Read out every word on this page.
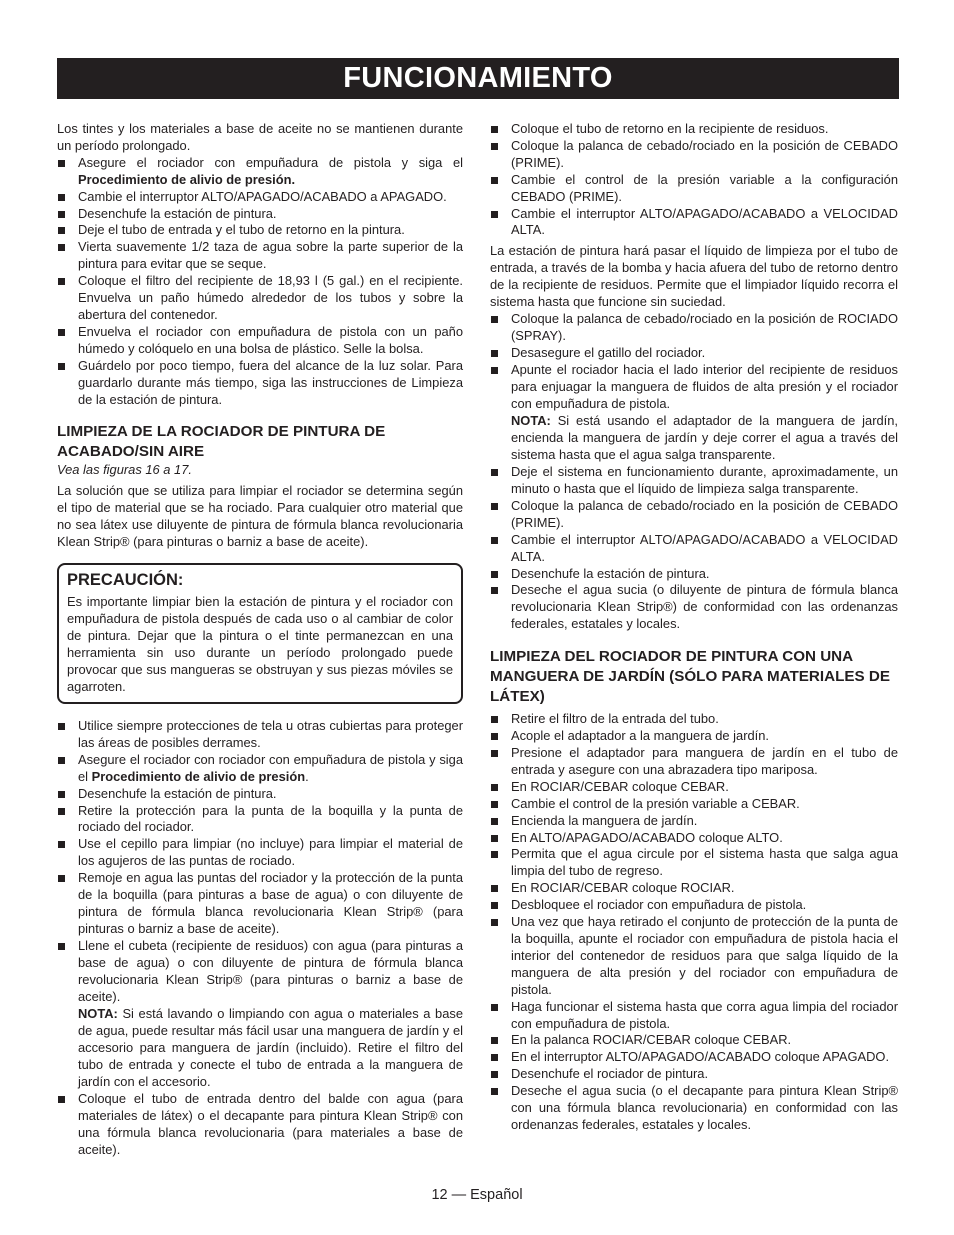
FUNCIONAMIENTO

Los tintes y los materiales a base de aceite no se mantienen durante un período prolongado.

Asegure el rociador con empuñadura de pistola y siga el Procedimiento de alivio de presión.
Cambie el interruptor ALTO/APAGADO/ACABADO a APAGADO.
Desenchufe la estación de pintura.
Deje el tubo de entrada y el tubo de retorno en la pintura.
Vierta suavemente 1/2 taza de agua sobre la parte superior de la pintura para evitar que se seque.
Coloque el filtro del recipiente de 18,93 l (5 gal.) en el recipiente. Envuelva un paño húmedo alrededor de los tubos y sobre la abertura del contenedor.
Envuelva el rociador con empuñadura de pistola con un paño húmedo y colóquelo en una bolsa de plástico. Selle la bolsa.
Guárdelo por poco tiempo, fuera del alcance de la luz solar. Para guardarlo durante más tiempo, siga las instrucciones de Limpieza de la estación de pintura.
LIMPIEZA DE LA ROCIADOR DE PINTURA DE ACABADO/SIN AIRE
Vea las figuras 16 a 17.

La solución que se utiliza para limpiar el rociador se determina según el tipo de material que se ha rociado. Para cualquier otro material que no sea látex use diluyente de pintura de fórmula blanca revolucionaria Klean Strip® (para pinturas o barniz a base de aceite).

PRECAUCIÓN:

Es importante limpiar bien la estación de pintura y el rociador con empuñadura de pistola después de cada uso o al cambiar de color de pintura. Dejar que la pintura o el tinte permanezcan en una herramienta sin uso durante un período prolongado puede provocar que sus mangueras se obstruyan y sus piezas móviles se agarroten.

Utilice siempre protecciones de tela u otras cubiertas para proteger las áreas de posibles derrames.
Asegure el rociador con rociador con empuñadura de pistola y siga el Procedimiento de alivio de presión.
Desenchufe la estación de pintura.
Retire la protección para la punta de la boquilla y la punta de rociado del rociador.
Use el cepillo para limpiar (no incluye) para limpiar el material de los agujeros de las puntas de rociado.
Remoje en agua las puntas del rociador y la protección de la punta de la boquilla (para pinturas a base de agua) o con diluyente de pintura de fórmula blanca revolucionaria Klean Strip® (para pinturas o barniz a base de aceite).
Llene el cubeta (recipiente de residuos) con agua (para pinturas a base de agua) o con diluyente de pintura de fórmula blanca revolucionaria Klean Strip® (para pinturas o barniz a base de aceite).
NOTA: Si está lavando o limpiando con agua o materiales a base de agua, puede resultar más fácil usar una manguera de jardín y el accesorio para manguera de jardín (incluido). Retire el filtro del tubo de entrada y conecte el tubo de entrada a la manguera de jardín con el accesorio.
Coloque el tubo de entrada dentro del balde con agua (para materiales de látex) o el decapante para pintura Klean Strip® con una fórmula blanca revolucionaria (para materiales a base de aceite).
Coloque el tubo de retorno en la recipiente de residuos.
Coloque la palanca de cebado/rociado en la posición de CEBADO (PRIME).
Cambie el control de la presión variable a la configuración CEBADO (PRIME).
Cambie el interruptor ALTO/APAGADO/ACABADO a VELOCIDAD ALTA.

La estación de pintura hará pasar el líquido de limpieza por el tubo de entrada, a través de la bomba y hacia afuera del tubo de retorno dentro de la recipiente de residuos. Permite que el limpiador líquido recorra el sistema hasta que funcione sin suciedad.

Coloque la palanca de cebado/rociado en la posición de ROCIADO (SPRAY).
Desasegure el gatillo del rociador.
Apunte el rociador hacia el lado interior del recipiente de residuos para enjuagar la manguera de fluidos de alta presión y el rociador con empuñadura de pistola.
NOTA: Si está usando el adaptador de la manguera de jardín, encienda la manguera de jardín y deje correr el agua a través del sistema hasta que el agua salga transparente.
Deje el sistema en funcionamiento durante, aproximadamente, un minuto o hasta que el líquido de limpieza salga transparente.
Coloque la palanca de cebado/rociado en la posición de CEBADO (PRIME).
Cambie el interruptor ALTO/APAGADO/ACABADO a VELOCIDAD ALTA.
Desenchufe la estación de pintura.
Deseche el agua sucia (o diluyente de pintura de fórmula blanca revolucionaria Klean Strip®) de conformidad con las ordenanzas federales, estatales y locales.
LIMPIEZA DEL ROCIADOR DE PINTURA CON UNA MANGUERA DE JARDÍN (SÓLO PARA MATERIALES DE LÁTEX)
Retire el filtro de la entrada del tubo.
Acople el adaptador a la manguera de jardín.
Presione el adaptador para manguera de jardín en el tubo de entrada y asegure con una abrazadera tipo mariposa.
En ROCIAR/CEBAR coloque CEBAR.
Cambie el control de la presión variable a CEBAR.
Encienda la manguera de jardín.
En ALTO/APAGADO/ACABADO coloque ALTO.
Permita que el agua circule por el sistema hasta que salga agua limpia del tubo de regreso.
En ROCIAR/CEBAR coloque ROCIAR.
Desbloquee el rociador con empuñadura de pistola.
Una vez que haya retirado el conjunto de protección de la punta de la boquilla, apunte el rociador con empuñadura de pistola hacia el interior del contenedor de residuos para que salga líquido de la manguera de alta presión y del rociador con empuñadura de pistola.
Haga funcionar el sistema hasta que corra agua limpia del rociador con empuñadura de pistola.
En la palanca ROCIAR/CEBAR coloque CEBAR.
En el interruptor ALTO/APAGADO/ACABADO coloque APAGADO.
Desenchufe el rociador de pintura.
Deseche el agua sucia (o el decapante para pintura Klean Strip® con una fórmula blanca revolucionaria) en conformidad con las ordenanzas federales, estatales y locales.
12 — Español
